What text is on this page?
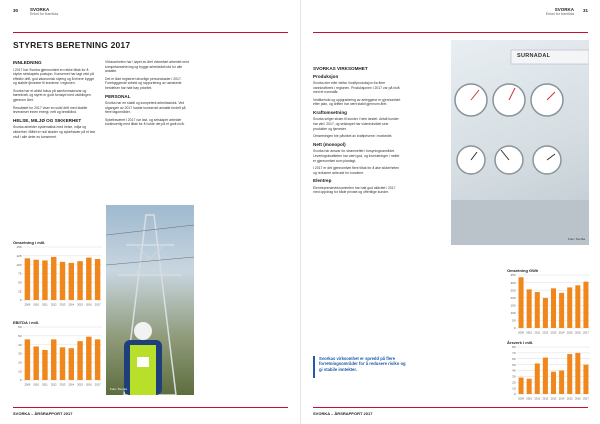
30	SVORKA
Enkel for framtida
STYRETS BERETNING 2017
INNLEDNING
I 2017 har Svorka gjennomført en rekke tiltak for å styrke selskapets posisjon. Konsernet har lagt vekt på effektiv drift, god økonomisk styring og å levere trygge og stabile tjenester til kundene i regionen.
Svorka har et aktivt fokus på samfunnsansvar og bærekraft, og styret er godt fornøyd med utviklingen gjennom året.
Resultatet for 2017 viser en solid drift med stabile leveranser innen energi, nett og bredbånd.
HELSE, MILJØ OG SIKKERHET
Svorka arbeider systematisk med helse, miljø og sikkerhet. Målet er null skader og sykefravær på et lavt nivå i alle deler av konsernet.
Virksomheten har i løpet av året videreført arbeidet med kompetanseheving og trygge arbeidsforhold for alle ansatte.
Det er ikke registrert alvorlige personskader i 2017. Forebyggende arbeid og rapportering av uønskede hendelser har hatt høy prioritet.
PERSONAL
Svorka har en stabil og kompetent arbeidsstokk. Ved utgangen av 2017 hadde konsernet ansatte fordelt på flere fagområder.
Sykefraværet i 2017 var lavt, og selskapet arbeider kontinuerlig med tiltak for å holde det på et godt nivå.
Omsetning i mill.
150
125
100
75
50
25
0
2009 2010 2011 2012 2013 2014 2015 2016 2017
EBITDA i mill.
60
50
40
30
20
10
0
2009 2010 2011 2012 2013 2014 2015 2016 2017
Foto: Svorka
SVORKA – ÅRSRAPPORT 2017
SVORKA
Enkel for framtida
31
SVORKAS VIRKSOMHET
Produksjon
Svorka eier eller deltar i kraftproduksjon fra flere vannkraftverk i regionen. Produksjonen i 2017 var på nivå med et normalår.
Vedlikehold og oppgradering av anleggene er gjennomført etter plan, og driften har vært stabil gjennom året.
Kraftomsetning
Svorka selger strøm til kunder i hele landet. Antall kunder har økt i 2017, og selskapet har videreutviklet sine produkter og tjenester.
Omsetningen ble påvirket av kraftprisene i markedet.
Nett (monopol)
Svorka har ansvar for strømnettet i forsyningsområdet. Leveringskvaliteten har vært god, og investeringer i nettet er gjennomført som planlagt.
I 2017 er det gjennomført flere tiltak for å øke sikkerheten og redusere avbrudd for kundene.
Elentrep
Elentreprenørvirksomheten har hatt god aktivitet i 2017 med oppdrag for både private og offentlige kunder.
SURNADAL
Foto: Svorka
Omsetning GWh
350
300
250
200
150
100
50
0
2009 2010 2011 2012 2013 2014 2015 2016 2017
Årsverk i mill.
80
70
60
50
40
30
20
10
0
2009 2010 2011 2012 2013 2014 2015 2016 2017
Svorkas virksomhet er spredd på flere forretningsområder for å redusere risiko og gi stabile inntekter.
SVORKA – ÅRSRAPPORT 2017
